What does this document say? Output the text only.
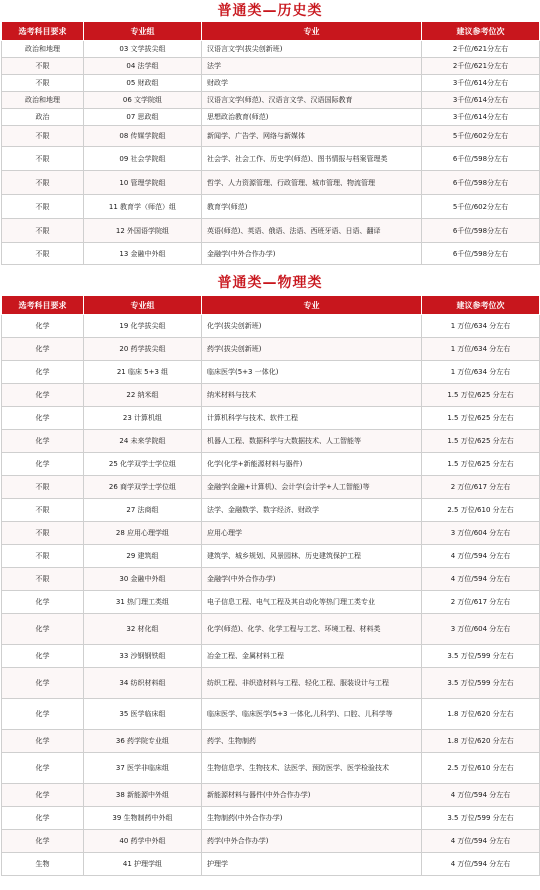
普通类—历史类
选考科目要求	专业组	专业	建议参考位次
政治和地理	03 文学拔尖组	汉语言文学(拔尖创新班)	2千位/621分左右
不限	04 法学组	法学	2千位/621分左右
不限	05 财政组	财政学	3千位/614分左右
政治和地理	06 文学院组	汉语言文学(师范)、汉语言文学、汉语国际教育	3千位/614分左右
政治	07 思政组	思想政治教育(师范)	3千位/614分左右
不限	08 传媒学院组	新闻学、广告学、网络与新媒体	5千位/602分左右
不限	09 社会学院组	社会学、社会工作、历史学(师范)、图书情报与档案管理类	6千位/598分左右
不限	10 管理学院组	哲学、人力资源管理、行政管理、城市管理、物流管理	6千位/598分左右
不限	11 教育学（师范）组	教育学(师范)	5千位/602分左右
不限	12 外国语学院组	英语(师范)、英语、俄语、法语、西班牙语、日语、翻译	6千位/598分左右
不限	13 金融中外组	金融学(中外合作办学)	6千位/598分左右
普通类—物理类
选考科目要求	专业组	专业	建议参考位次
化学	19 化学拔尖组	化学(拔尖创新班)	1 万位/634 分左右
化学	20 药学拔尖组	药学(拔尖创新班)	1 万位/634 分左右
化学	21 临床 5+3 组	临床医学(5+3 一体化)	1 万位/634 分左右
化学	22 纳米组	纳米材料与技术	1.5 万位/625 分左右
化学	23 计算机组	计算机科学与技术、软件工程	1.5 万位/625 分左右
化学	24 未来学院组	机器人工程、数据科学与大数据技术、人工智能等	1.5 万位/625 分左右
化学	25 化学双学士学位组	化学(化学+新能源材料与器件)	1.5 万位/625 分左右
不限	26 商学双学士学位组	金融学(金融+计算机)、会计学(会计学+人工智能)等	2 万位/617 分左右
不限	27 法商组	法学、金融数学、数字经济、财政学	2.5 万位/610 分左右
不限	28 应用心理学组	应用心理学	3 万位/604 分左右
不限	29 建筑组	建筑学、城乡规划、风景园林、历史建筑保护工程	4 万位/594 分左右
不限	30 金融中外组	金融学(中外合作办学)	4 万位/594 分左右
化学	31 热门理工类组	电子信息工程、电气工程及其自动化等热门理工类专业	2 万位/617 分左右
化学	32 材化组	化学(师范)、化学、化学工程与工艺、环境工程、材料类	3 万位/604 分左右
化学	33 沙钢钢铁组	冶金工程、金属材料工程	3.5 万位/599 分左右
化学	34 纺织材料组	纺织工程、非织造材料与工程、轻化工程、服装设计与工程	3.5 万位/599 分左右
化学	35 医学临床组	临床医学、临床医学(5+3 一体化,儿科学)、口腔、儿科学等	1.8 万位/620 分左右
化学	36 药学院专业组	药学、生物制药	1.8 万位/620 分左右
化学	37 医学非临床组	生物信息学、生物技术、法医学、预防医学、医学检验技术	2.5 万位/610 分左右
化学	38 新能源中外组	新能源材料与器件(中外合作办学)	4 万位/594 分左右
化学	39 生物制药中外组	生物制药(中外合作办学)	3.5 万位/599 分左右
化学	40 药学中外组	药学(中外合作办学)	4 万位/594 分左右
生物	41 护理学组	护理学	4 万位/594 分左右
